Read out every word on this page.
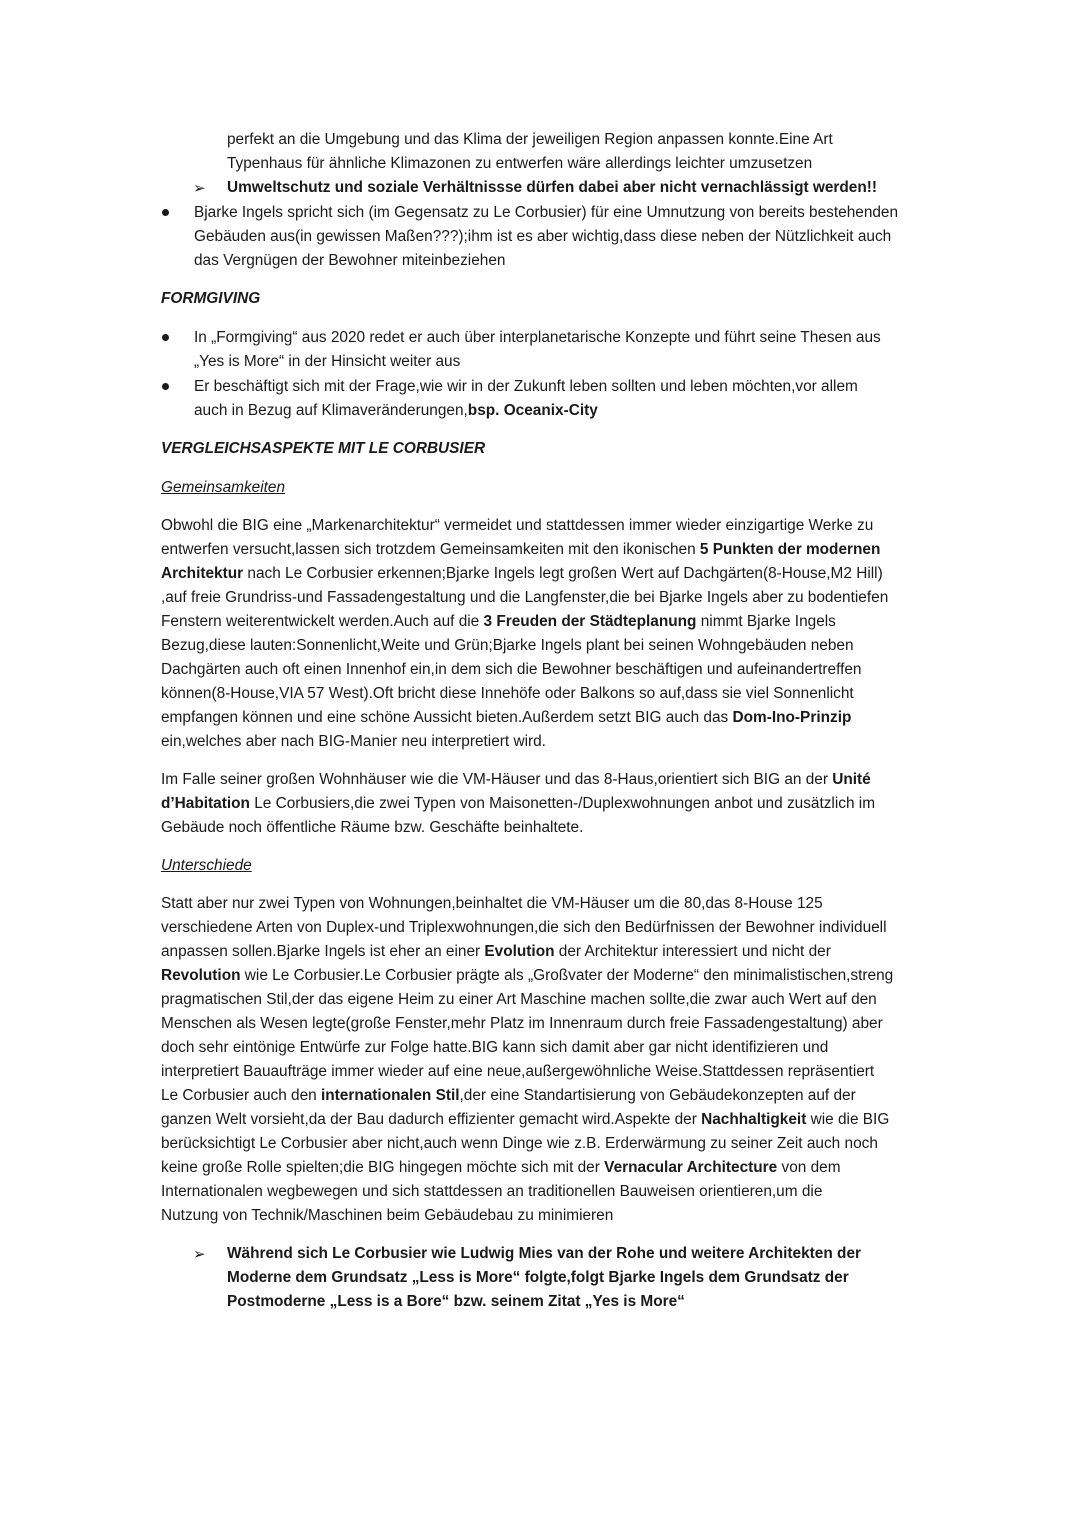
perfekt an die Umgebung und das Klima der jeweiligen Region anpassen konnte.Eine Art
Typenhaus für ähnliche Klimazonen zu entwerfen wäre allerdings leichter umzusetzen
➢ Umweltschutz und soziale Verhältnissse dürfen dabei aber nicht vernachlässigt werden!!
Bjarke Ingels spricht sich (im Gegensatz zu Le Corbusier) für eine Umnutzung von bereits bestehenden
Gebäuden aus(in gewissen Maßen???);ihm ist es aber wichtig,dass diese neben der Nützlichkeit auch
das Vergnügen der Bewohner miteinbeziehen
FORMGIVING
In „Formgiving“ aus 2020 redet er auch über interplanetarische Konzepte und führt seine Thesen aus
„Yes is More“ in der Hinsicht weiter aus
Er beschäftigt sich mit der Frage,wie wir in der Zukunft leben sollten und leben möchten,vor allem
auch in Bezug auf Klimaveränderungen,bsp. Oceanix-City
VERGLEICHSASPEKTE MIT LE CORBUSIER
Gemeinsamkeiten
Obwohl die BIG eine „Markenarchitektur“ vermeidet und stattdessen immer wieder einzigartige Werke zu
entwerfen versucht,lassen sich trotzdem Gemeinsamkeiten mit den ikonischen 5 Punkten der modernen
Architektur nach Le Corbusier erkennen;Bjarke Ingels legt großen Wert auf Dachgärten(8-House,M2 Hill)
,auf freie Grundriss-und Fassadengestaltung und die Langfenster,die bei Bjarke Ingels aber zu bodentiefen
Fenstern weiterentwickelt werden.Auch auf die 3 Freuden der Städteplanung nimmt Bjarke Ingels
Bezug,diese lauten:Sonnenlicht,Weite und Grün;Bjarke Ingels plant bei seinen Wohngebäuden neben
Dachgärten auch oft einen Innenhof ein,in dem sich die Bewohner beschäftigen und aufeinandertreffen
können(8-House,VIA 57 West).Oft bricht diese Innehöfe oder Balkons so auf,dass sie viel Sonnenlicht
empfangen können und eine schöne Aussicht bieten.Außerdem setzt BIG auch das Dom-Ino-Prinzip
ein,welches aber nach BIG-Manier neu interpretiert wird.
Im Falle seiner großen Wohnhäuser wie die VM-Häuser und das 8-Haus,orientiert sich BIG an der Unité
d’Habitation Le Corbusiers,die zwei Typen von Maisonetten-/Duplexwohnungen anbot und zusätzlich im
Gebäude noch öffentliche Räume bzw. Geschäfte beinhaltete.
Unterschiede
Statt aber nur zwei Typen von Wohnungen,beinhaltet die VM-Häuser um die 80,das 8-House 125
verschiedene Arten von Duplex-und Triplexwohnungen,die sich den Bedürfnissen der Bewohner individuell
anpassen sollen.Bjarke Ingels ist eher an einer Evolution der Architektur interessiert und nicht der
Revolution wie Le Corbusier.Le Corbusier prägte als „Großvater der Moderne“ den minimalistischen,streng
pragmatischen Stil,der das eigene Heim zu einer Art Maschine machen sollte,die zwar auch Wert auf den
Menschen als Wesen legte(große Fenster,mehr Platz im Innenraum durch freie Fassadengestaltung) aber
doch sehr eintönige Entwürfe zur Folge hatte.BIG kann sich damit aber gar nicht identifizieren und
interpretiert Bauaufträge immer wieder auf eine neue,außergewöhnliche Weise.Stattdessen repräsentiert
Le Corbusier auch den internationalen Stil,der eine Standartisierung von Gebäudekonzepten auf der
ganzen Welt vorsieht,da der Bau dadurch effizienter gemacht wird.Aspekte der Nachhaltigkeit wie die BIG
berücksichtigt Le Corbusier aber nicht,auch wenn Dinge wie z.B. Erderwärmung zu seiner Zeit auch noch
keine große Rolle spielten;die BIG hingegen möchte sich mit der Vernacular Architecture von dem
Internationalen wegbewegen und sich stattdessen an traditionellen Bauweisen orientieren,um die
Nutzung von Technik/Maschinen beim Gebäudebau zu minimieren
➢ Während sich Le Corbusier wie Ludwig Mies van der Rohe und weitere Architekten der
Moderne dem Grundsatz „Less is More“ folgte,folgt Bjarke Ingels dem Grundsatz der
Postmoderne „Less is a Bore“ bzw. seinem Zitat „Yes is More“
